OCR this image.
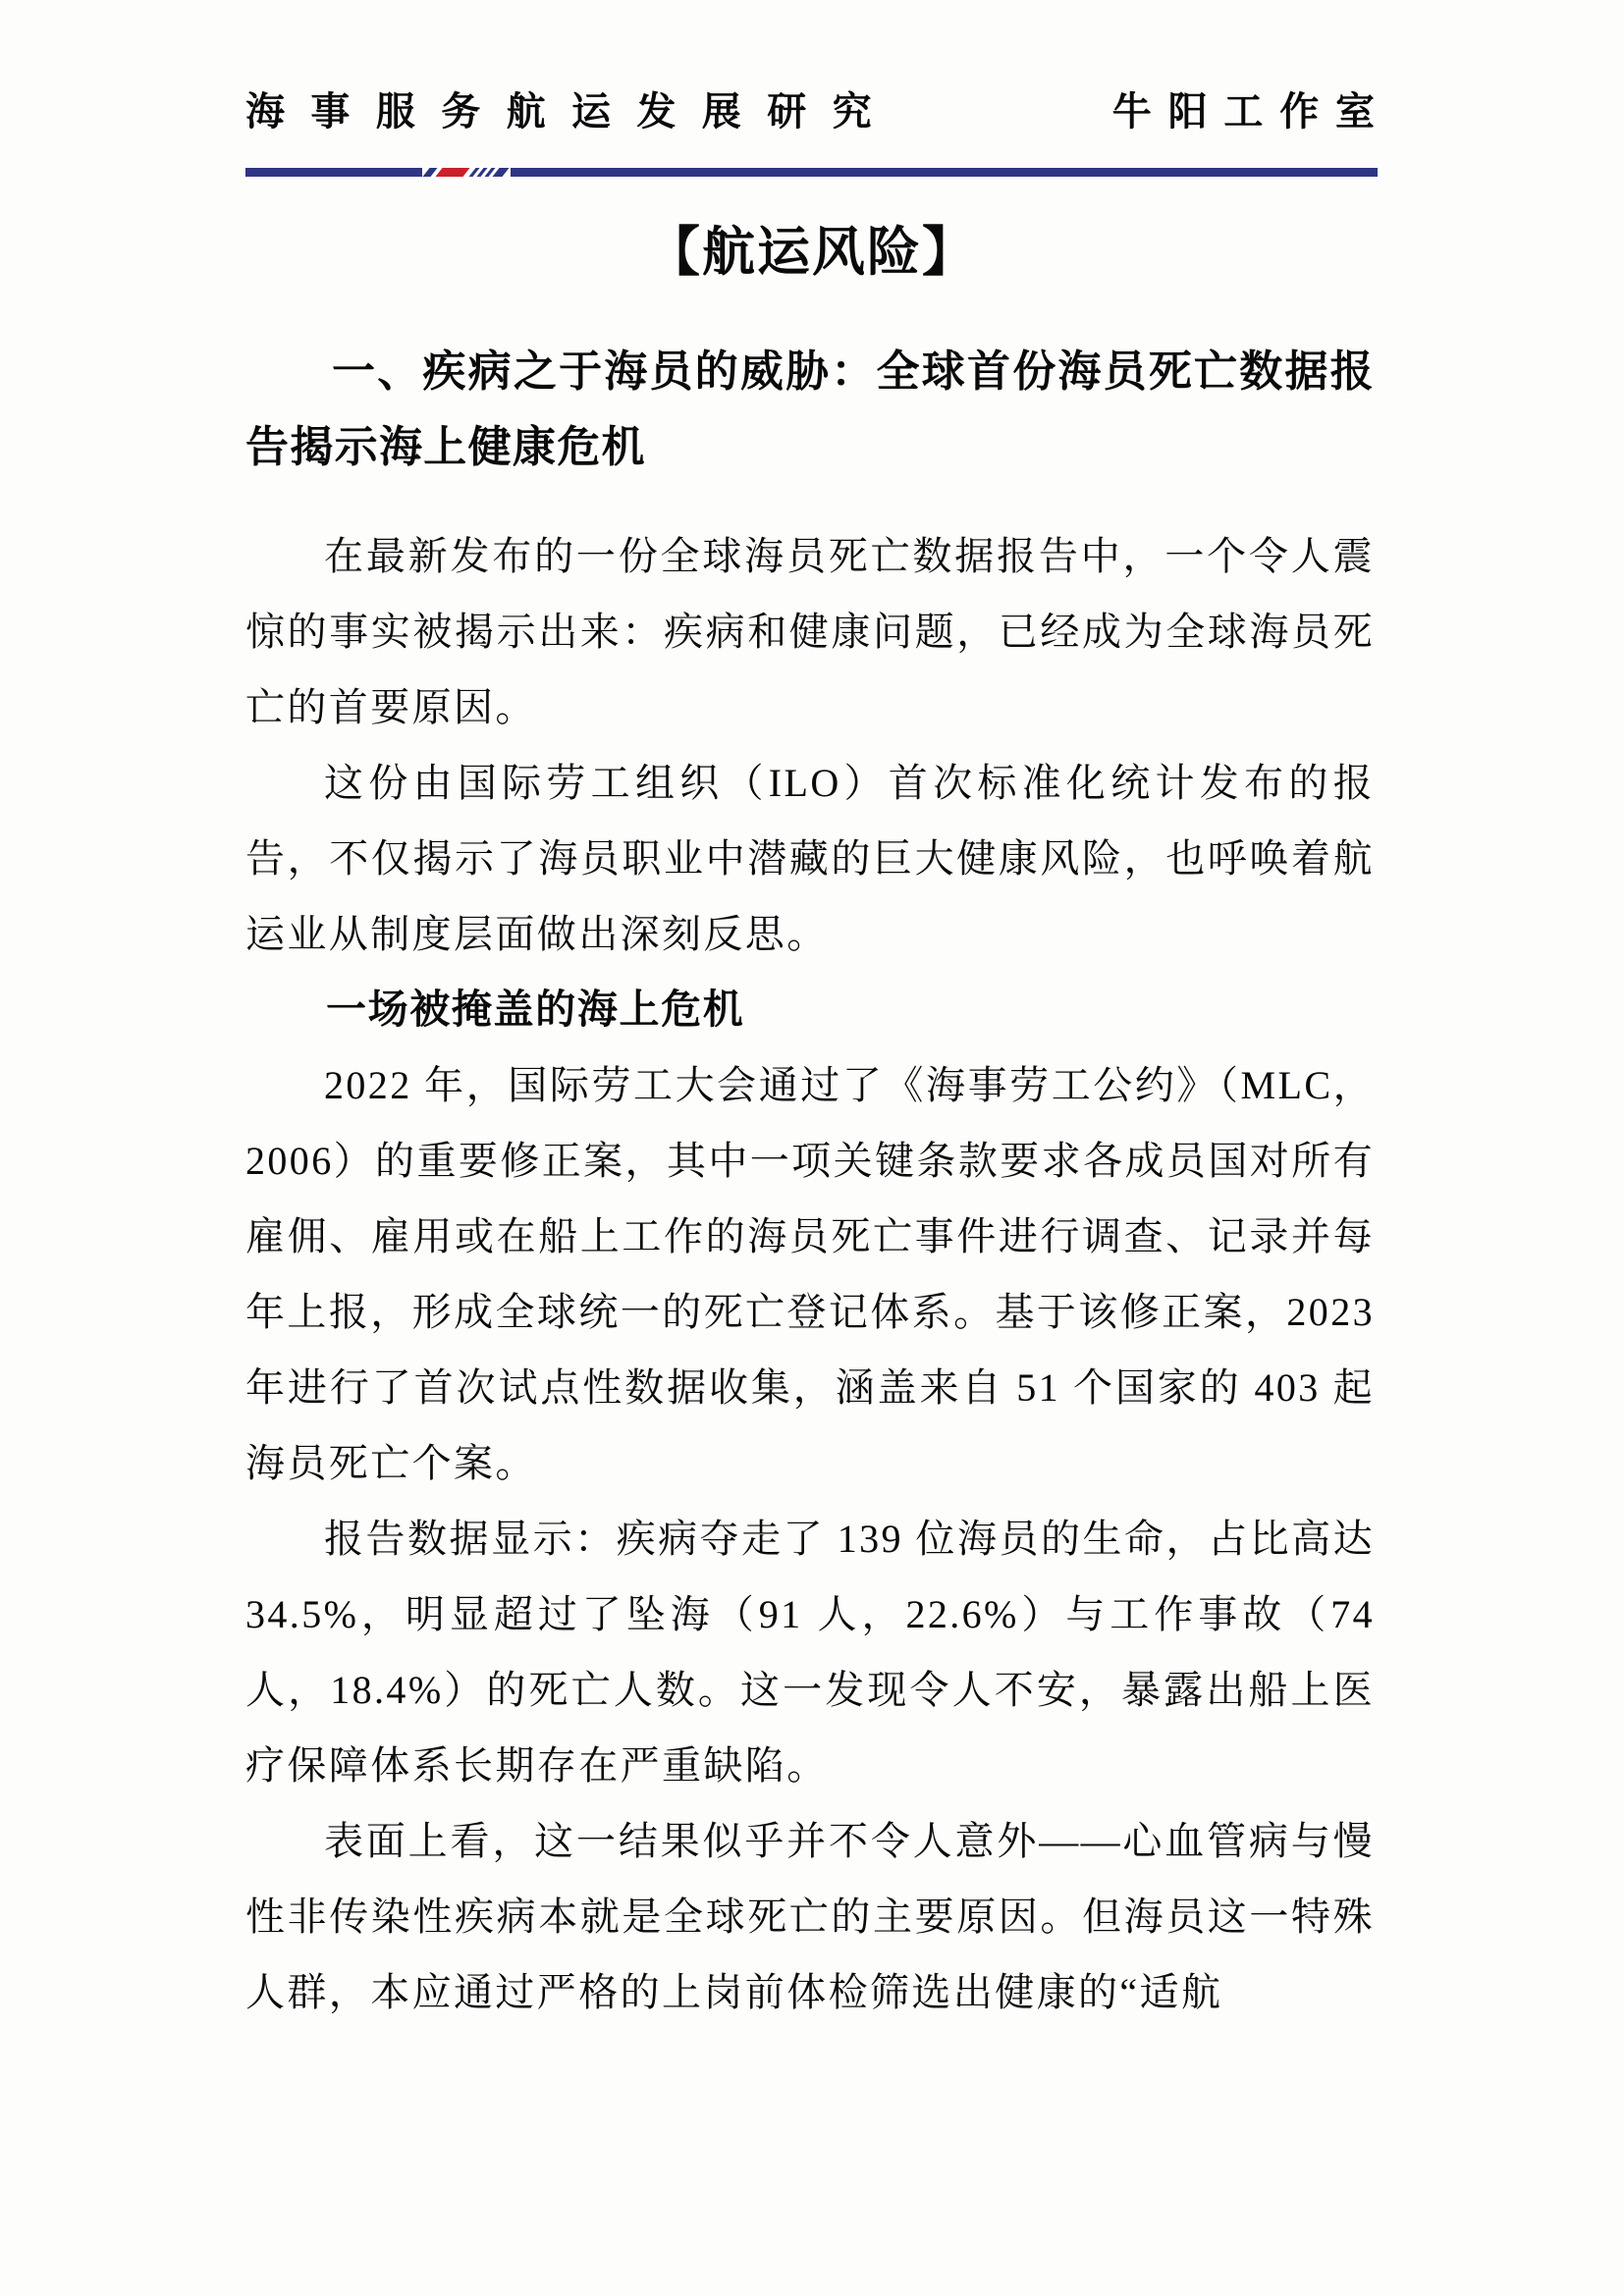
海事服务航运发展研究	牛阳工作室
【航运风险】

一、疾病之于海员的威胁：全球首份海员死亡数据报告揭示海上健康危机

在最新发布的一份全球海员死亡数据报告中，一个令人震惊的事实被揭示出来：疾病和健康问题，已经成为全球海员死亡的首要原因。

这份由国际劳工组织（ILO）首次标准化统计发布的报告，不仅揭示了海员职业中潜藏的巨大健康风险，也呼唤着航运业从制度层面做出深刻反思。

一场被掩盖的海上危机

2022 年，国际劳工大会通过了《海事劳工公约》（MLC，2006）的重要修正案，其中一项关键条款要求各成员国对所有雇佣、雇用或在船上工作的海员死亡事件进行调查、记录并每年上报，形成全球统一的死亡登记体系。基于该修正案，2023 年进行了首次试点性数据收集，涵盖来自 51 个国家的 403 起海员死亡个案。

报告数据显示：疾病夺走了 139 位海员的生命，占比高达 34.5%，明显超过了坠海（91 人，22.6%）与工作事故（74 人，18.4%）的死亡人数。这一发现令人不安，暴露出船上医疗保障体系长期存在严重缺陷。

表面上看，这一结果似乎并不令人意外——心血管病与慢性非传染性疾病本就是全球死亡的主要原因。但海员这一特殊人群，本应通过严格的上岗前体检筛选出健康的“适航
